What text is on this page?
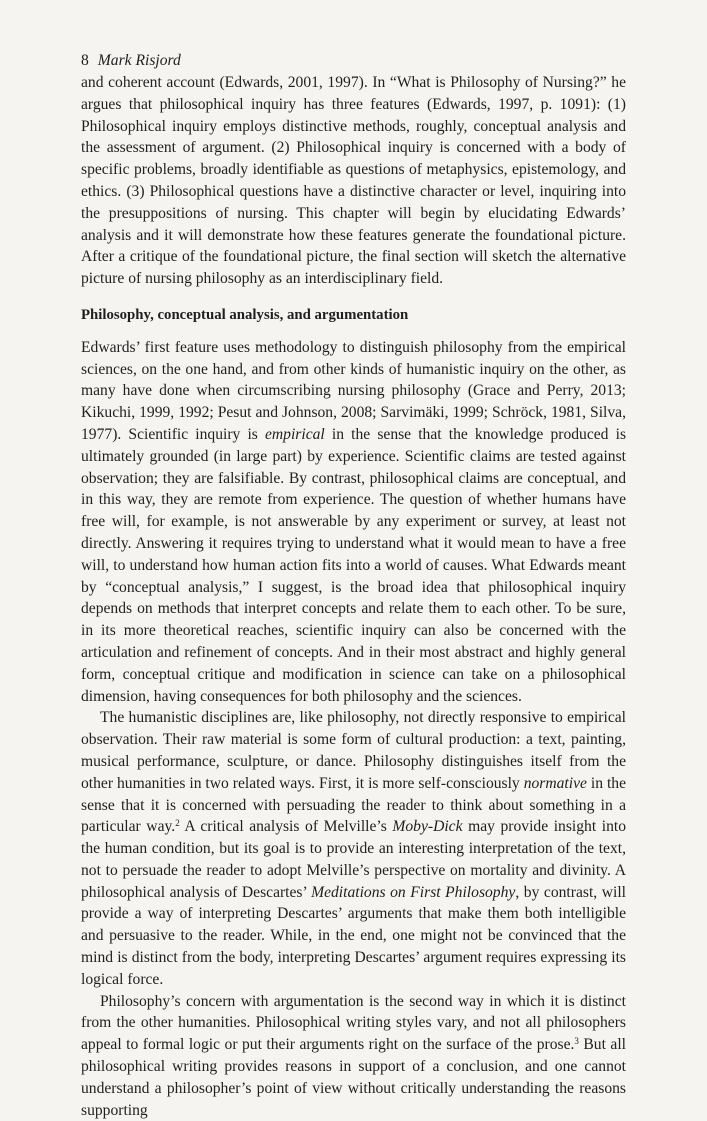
8 Mark Risjord

and coherent account (Edwards, 2001, 1997). In “What is Philosophy of Nursing?” he argues that philosophical inquiry has three features (Edwards, 1997, p. 1091): (1) Philosophical inquiry employs distinctive methods, roughly, conceptual analysis and the assessment of argument. (2) Philosophical inquiry is concerned with a body of specific problems, broadly identifiable as questions of metaphysics, epistemology, and ethics. (3) Philosophical questions have a distinctive character or level, inquiring into the presuppositions of nursing. This chapter will begin by elucidating Edwards’ analysis and it will demonstrate how these features generate the foundational picture. After a critique of the foundational picture, the final section will sketch the alternative picture of nursing philosophy as an interdisciplinary field.

Philosophy, conceptual analysis, and argumentation

Edwards’ first feature uses methodology to distinguish philosophy from the empirical sciences, on the one hand, and from other kinds of humanistic inquiry on the other, as many have done when circumscribing nursing philosophy (Grace and Perry, 2013; Kikuchi, 1999, 1992; Pesut and Johnson, 2008; Sarvimäki, 1999; Schröck, 1981, Silva, 1977). Scientific inquiry is empirical in the sense that the knowledge produced is ultimately grounded (in large part) by experience. Scientific claims are tested against observation; they are falsifiable. By contrast, philosophical claims are conceptual, and in this way, they are remote from experience. The question of whether humans have free will, for example, is not answerable by any experiment or survey, at least not directly. Answering it requires trying to understand what it would mean to have a free will, to understand how human action fits into a world of causes. What Edwards meant by “conceptual analysis,” I suggest, is the broad idea that philosophical inquiry depends on methods that interpret concepts and relate them to each other. To be sure, in its more theoretical reaches, scientific inquiry can also be concerned with the articulation and refinement of concepts. And in their most abstract and highly general form, conceptual critique and modification in science can take on a philosophical dimension, having consequences for both philosophy and the sciences.

The humanistic disciplines are, like philosophy, not directly responsive to empirical observation. Their raw material is some form of cultural production: a text, painting, musical performance, sculpture, or dance. Philosophy distinguishes itself from the other humanities in two related ways. First, it is more self-consciously normative in the sense that it is concerned with persuading the reader to think about something in a particular way.$^2$ A critical analysis of Melville’s Moby-Dick may provide insight into the human condition, but its goal is to provide an interesting interpretation of the text, not to persuade the reader to adopt Melville’s perspective on mortality and divinity. A philosophical analysis of Descartes’ Meditations on First Philosophy, by contrast, will provide a way of interpreting Descartes’ arguments that make them both intelligible and persuasive to the reader. While, in the end, one might not be convinced that the mind is distinct from the body, interpreting Descartes’ argument requires expressing its logical force.

Philosophy’s concern with argumentation is the second way in which it is distinct from the other humanities. Philosophical writing styles vary, and not all philosophers appeal to formal logic or put their arguments right on the surface of the prose.$^3$ But all philosophical writing provides reasons in support of a conclusion, and one cannot understand a philosopher’s point of view without critically understanding the reasons supporting
